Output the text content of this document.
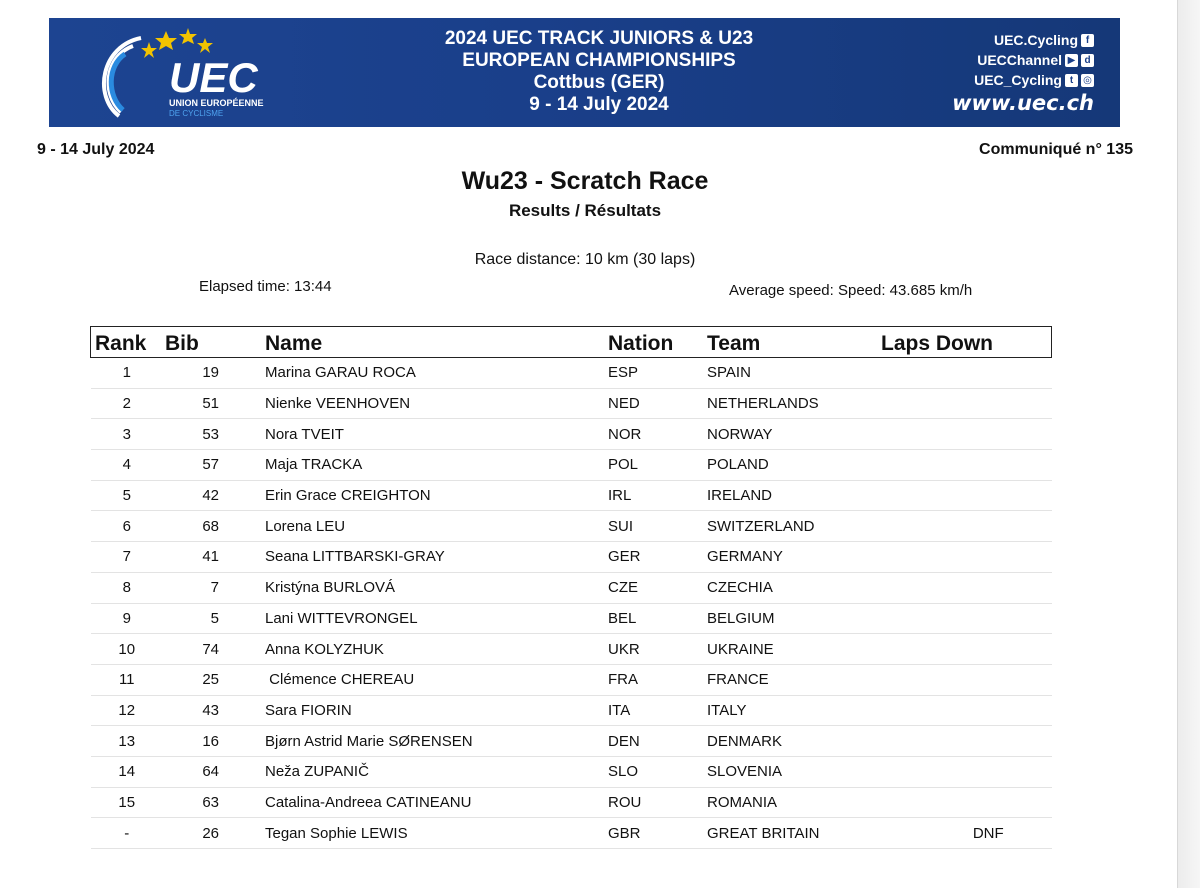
UEC
UNION EUROPÉENNE
DE CYCLISME
2024 UEC TRACK JUNIORS & U23
EUROPEAN CHAMPIONSHIPS
Cottbus (GER)
9 - 14 July 2024
UEC.Cycling f
UECChannel ▶ d
UEC_Cycling t ◎
www.uec.ch
9 - 14 July 2024	Communiqué n° 135
Wu23 - Scratch Race
Results / Résultats
Race distance: 10 km (30 laps)
Elapsed time: 13:44	Average speed: Speed: 43.685 km/h
Rank	Bib		Name	Nation	Team	Laps Down
1	19		Marina GARAU ROCA	ESP	SPAIN	
2	51		Nienke VEENHOVEN	NED	NETHERLANDS	
3	53		Nora TVEIT	NOR	NORWAY	
4	57		Maja TRACKA	POL	POLAND	
5	42		Erin Grace CREIGHTON	IRL	IRELAND	
6	68		Lorena LEU	SUI	SWITZERLAND	
7	41		Seana LITTBARSKI-GRAY	GER	GERMANY	
8	7		Kristýna BURLOVÁ	CZE	CZECHIA	
9	5		Lani WITTEVRONGEL	BEL	BELGIUM	
10	74		Anna KOLYZHUK	UKR	UKRAINE	
11	25		Clémence CHEREAU	FRA	FRANCE	
12	43		Sara FIORIN	ITA	ITALY	
13	16		Bjørn Astrid Marie SØRENSEN	DEN	DENMARK	
14	64		Neža ZUPANIČ	SLO	SLOVENIA	
15	63		Catalina-Andreea CATINEANU	ROU	ROMANIA	
-	26		Tegan Sophie LEWIS	GBR	GREAT BRITAIN	DNF
